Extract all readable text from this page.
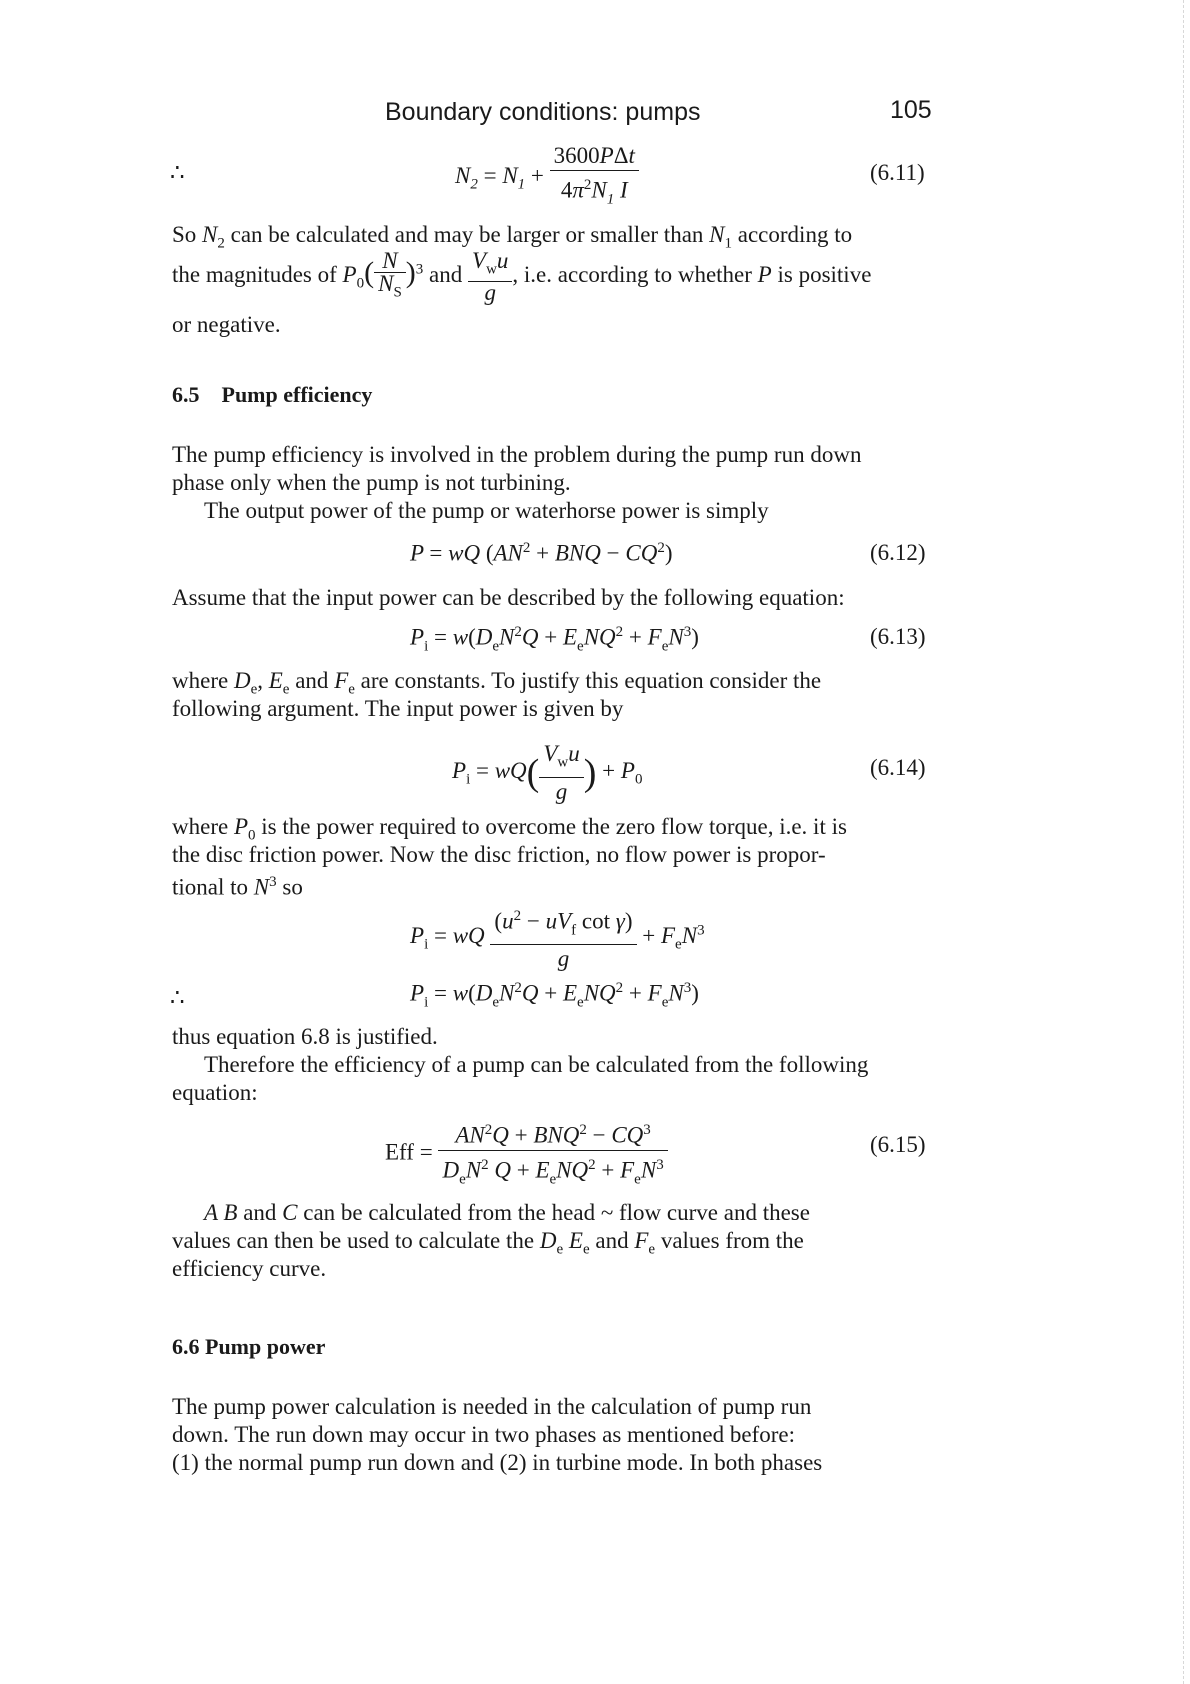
Boundary conditions: pumps	105
∴	$N_2 = N_1 + \frac{\text{3600PΔt}}{4\pi^2N_1 I}$	(6.11)
So $N_2$ can be calculated and may be larger or smaller than $N_1$ according to
the magnitudes of $P_0( \frac{N}{N_S} )^3$ and $\frac{V_wu}{g}$ , i.e. according to whether P is positive
or negative.
6.5 Pump efficiency
The pump efficiency is involved in the problem during the pump run down
phase only when the pump is not turbining.
The output power of the pump or waterhorse power is simply
P = wQ ($AN^2$ + BNQ − $CQ^2$)	(6.12)
Assume that the input power can be described by the following equation:
$P_i = w(D_eN^2Q + E_eNQ^2 + F_eN^3)$	(6.13)
where $D_e$, $E_e$ and $F_e$ are constants. To justify this equation consider the
following argument. The input power is given by
$P_i = wQ( \frac{V_wu}{g}$ ) + $P_0$	(6.14)
where $P_0$ is the power required to overcome the zero flow torque, i.e. it is
the disc friction power. Now the disc friction, no flow power is propor-
tional to $N^3$ so
$P_i$ = wQ $\frac{(u^2 - uV_f \cot \gamma)}{g} + F_eN^3$
∴	$P_i = w(D_eN^2Q + E_eNQ^2 + F_eN^3)$
thus equation 6.8 is justified.
Therefore the efficiency of a pump can be calculated from the following
equation:
Eff = $\frac{AN^2Q + BNQ^2 - CQ^3}{D_eN^2 Q + E_eNQ^2 + F_eN^3}$	(6.15)
A B and C can be calculated from the head ~ flow curve and these
values can then be used to calculate the $D_e$ $E_e$ and $F_e$ values from the
efficiency curve.
6.6 Pump power
The pump power calculation is needed in the calculation of pump run
down. The run down may occur in two phases as mentioned before:
(1) the normal pump run down and (2) in turbine mode. In both phases
